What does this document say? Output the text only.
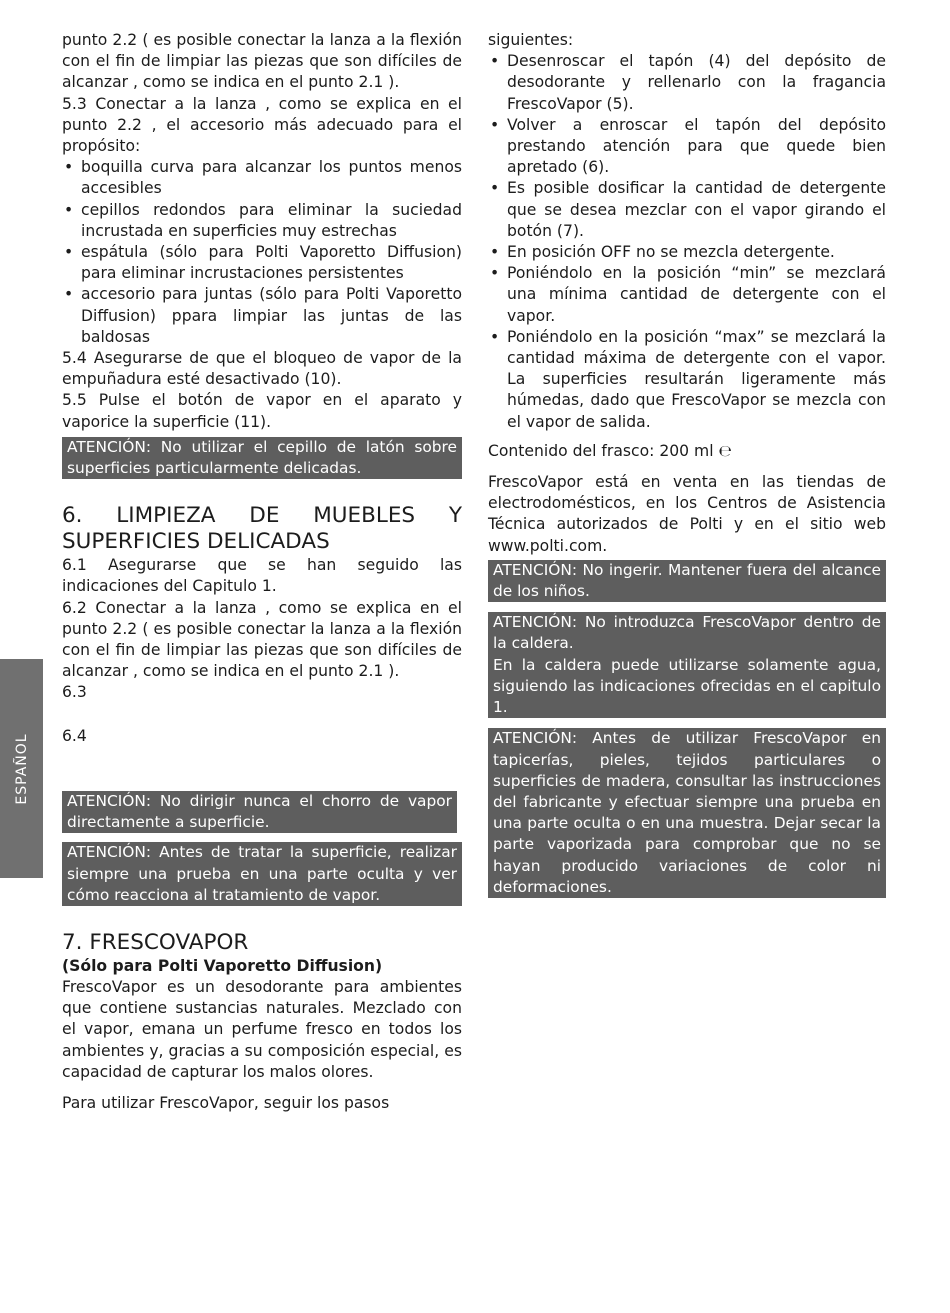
ESPAÑOL

punto 2.2 ( es posible conectar la lanza a la flexión con el fin de limpiar las piezas que son difíciles de alcanzar , como se indica en el punto 2.1 ).

5.3 Conectar a la lanza , como se explica en el punto 2.2 , el accesorio más adecuado para el propósito:

• boquilla curva para alcanzar los puntos menos accesibles
• cepillos redondos para eliminar la suciedad incrustada en superficies muy estrechas
• espátula (sólo para Polti Vaporetto Diffusion) para eliminar incrustaciones persistentes
• accesorio para juntas (sólo para Polti Vaporetto Diffusion) ppara limpiar las juntas de las baldosas

5.4 Asegurarse de que el bloqueo de vapor de la empuñadura esté desactivado (10).

5.5 Pulse el botón de vapor en el aparato y vaporice la superficie (11).

ATENCIÓN: No utilizar el cepillo de latón sobre superficies particularmente delicadas.
6. LIMPIEZA DE MUEBLES Y
SUPERFICIES DELICADAS

6.1 Asegurarse que se han seguido las indicaciones del Capitulo 1.

6.2 Conectar a la lanza , como se explica en el punto 2.2 ( es posible conectar la lanza a la flexión con el fin de limpiar las piezas que son difíciles de alcanzar , como se indica en el punto 2.1 ).

6.3

6.4

ATENCIÓN: No dirigir nunca el chorro de vapor directamente a superficie.
ATENCIÓN: Antes de tratar la superficie, realizar siempre una prueba en una parte oculta y ver cómo reacciona al tratamiento de vapor.
7. FRESCOVAPOR
(Sólo para Polti Vaporetto Diffusion)

FrescoVapor es un desodorante para ambientes que contiene sustancias naturales. Mezclado con el vapor, emana un perfume fresco en todos los ambientes y, gracias a su composición especial, es capacidad de capturar los malos olores.

Para utilizar FrescoVapor, seguir los pasos

siguientes:

• Desenroscar el tapón (4) del depósito de desodorante y rellenarlo con la fragancia FrescoVapor (5).
• Volver a enroscar el tapón del depósito prestando atención para que quede bien apretado (6).
• Es posible dosificar la cantidad de detergente que se desea mezclar con el vapor girando el botón (7).
• En posición OFF no se mezcla detergente.
• Poniéndolo en la posición “min” se mezclará una mínima cantidad de detergente con el vapor.
• Poniéndolo en la posición “max” se mezclará la cantidad máxima de detergente con el vapor. La superficies resultarán ligeramente más húmedas, dado que FrescoVapor se mezcla con el vapor de salida.

Contenido del frasco: 200 ml ℮

FrescoVapor está en venta en las tiendas de electrodomésticos, en los Centros de Asistencia Técnica autorizados de Polti y en el sitio web www.polti.com.

ATENCIÓN: No ingerir. Mantener fuera del alcance de los niños.
ATENCIÓN: No introduzca FrescoVapor dentro de la caldera.
En la caldera puede utilizarse solamente agua, siguiendo las indicaciones ofrecidas en el capitulo 1.
ATENCIÓN: Antes de utilizar FrescoVapor en tapicerías, pieles, tejidos particulares o superficies de madera, consultar las instrucciones del fabricante y efectuar siempre una prueba en una parte oculta o en una muestra. Dejar secar la parte vaporizada para comprobar que no se hayan producido variaciones de color ni deformaciones.
